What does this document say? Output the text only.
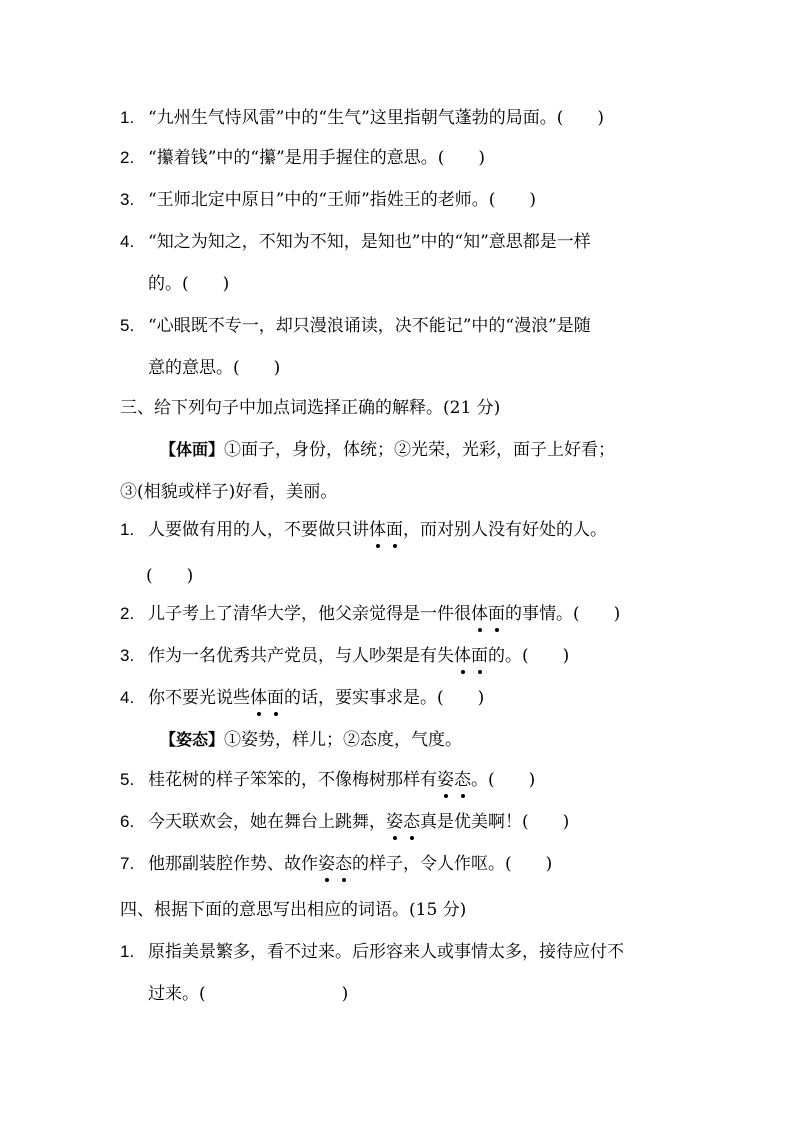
1. “九州生气恃风雷”中的“生气”这里指朝气蓬勃的局面。(　　)
2. “攥着钱”中的“攥”是用手握住的意思。(　　)
3. “王师北定中原日”中的“王师”指姓王的老师。(　　)
4. “知之为知之，不知为不知，是知也”中的“知”意思都是一样
的。(　　)
5. “心眼既不专一，却只漫浪诵读，决不能记”中的“漫浪”是随
意的意思。(　　)
三、给下列句子中加点词选择正确的解释。(21 分)
【体面】①面子，身份，体统；②光荣，光彩，面子上好看；
③(相貌或样子)好看，美丽。
1. 人要做有用的人，不要做只讲体面，而对别人没有好处的人。
(　　)
2. 儿子考上了清华大学，他父亲觉得是一件很体面的事情。(　　)
3. 作为一名优秀共产党员，与人吵架是有失体面的。(　　)
4. 你不要光说些体面的话，要实事求是。(　　)
【姿态】①姿势，样儿；②态度，气度。
5. 桂花树的样子笨笨的，不像梅树那样有姿态。(　　)
6. 今天联欢会，她在舞台上跳舞，姿态真是优美啊！(　　)
7. 他那副装腔作势、故作姿态的样子，令人作呕。(　　)
四、根据下面的意思写出相应的词语。(15 分)
1. 原指美景繁多，看不过来。后形容来人或事情太多，接待应付不
过来。(　　　　　　　　)
